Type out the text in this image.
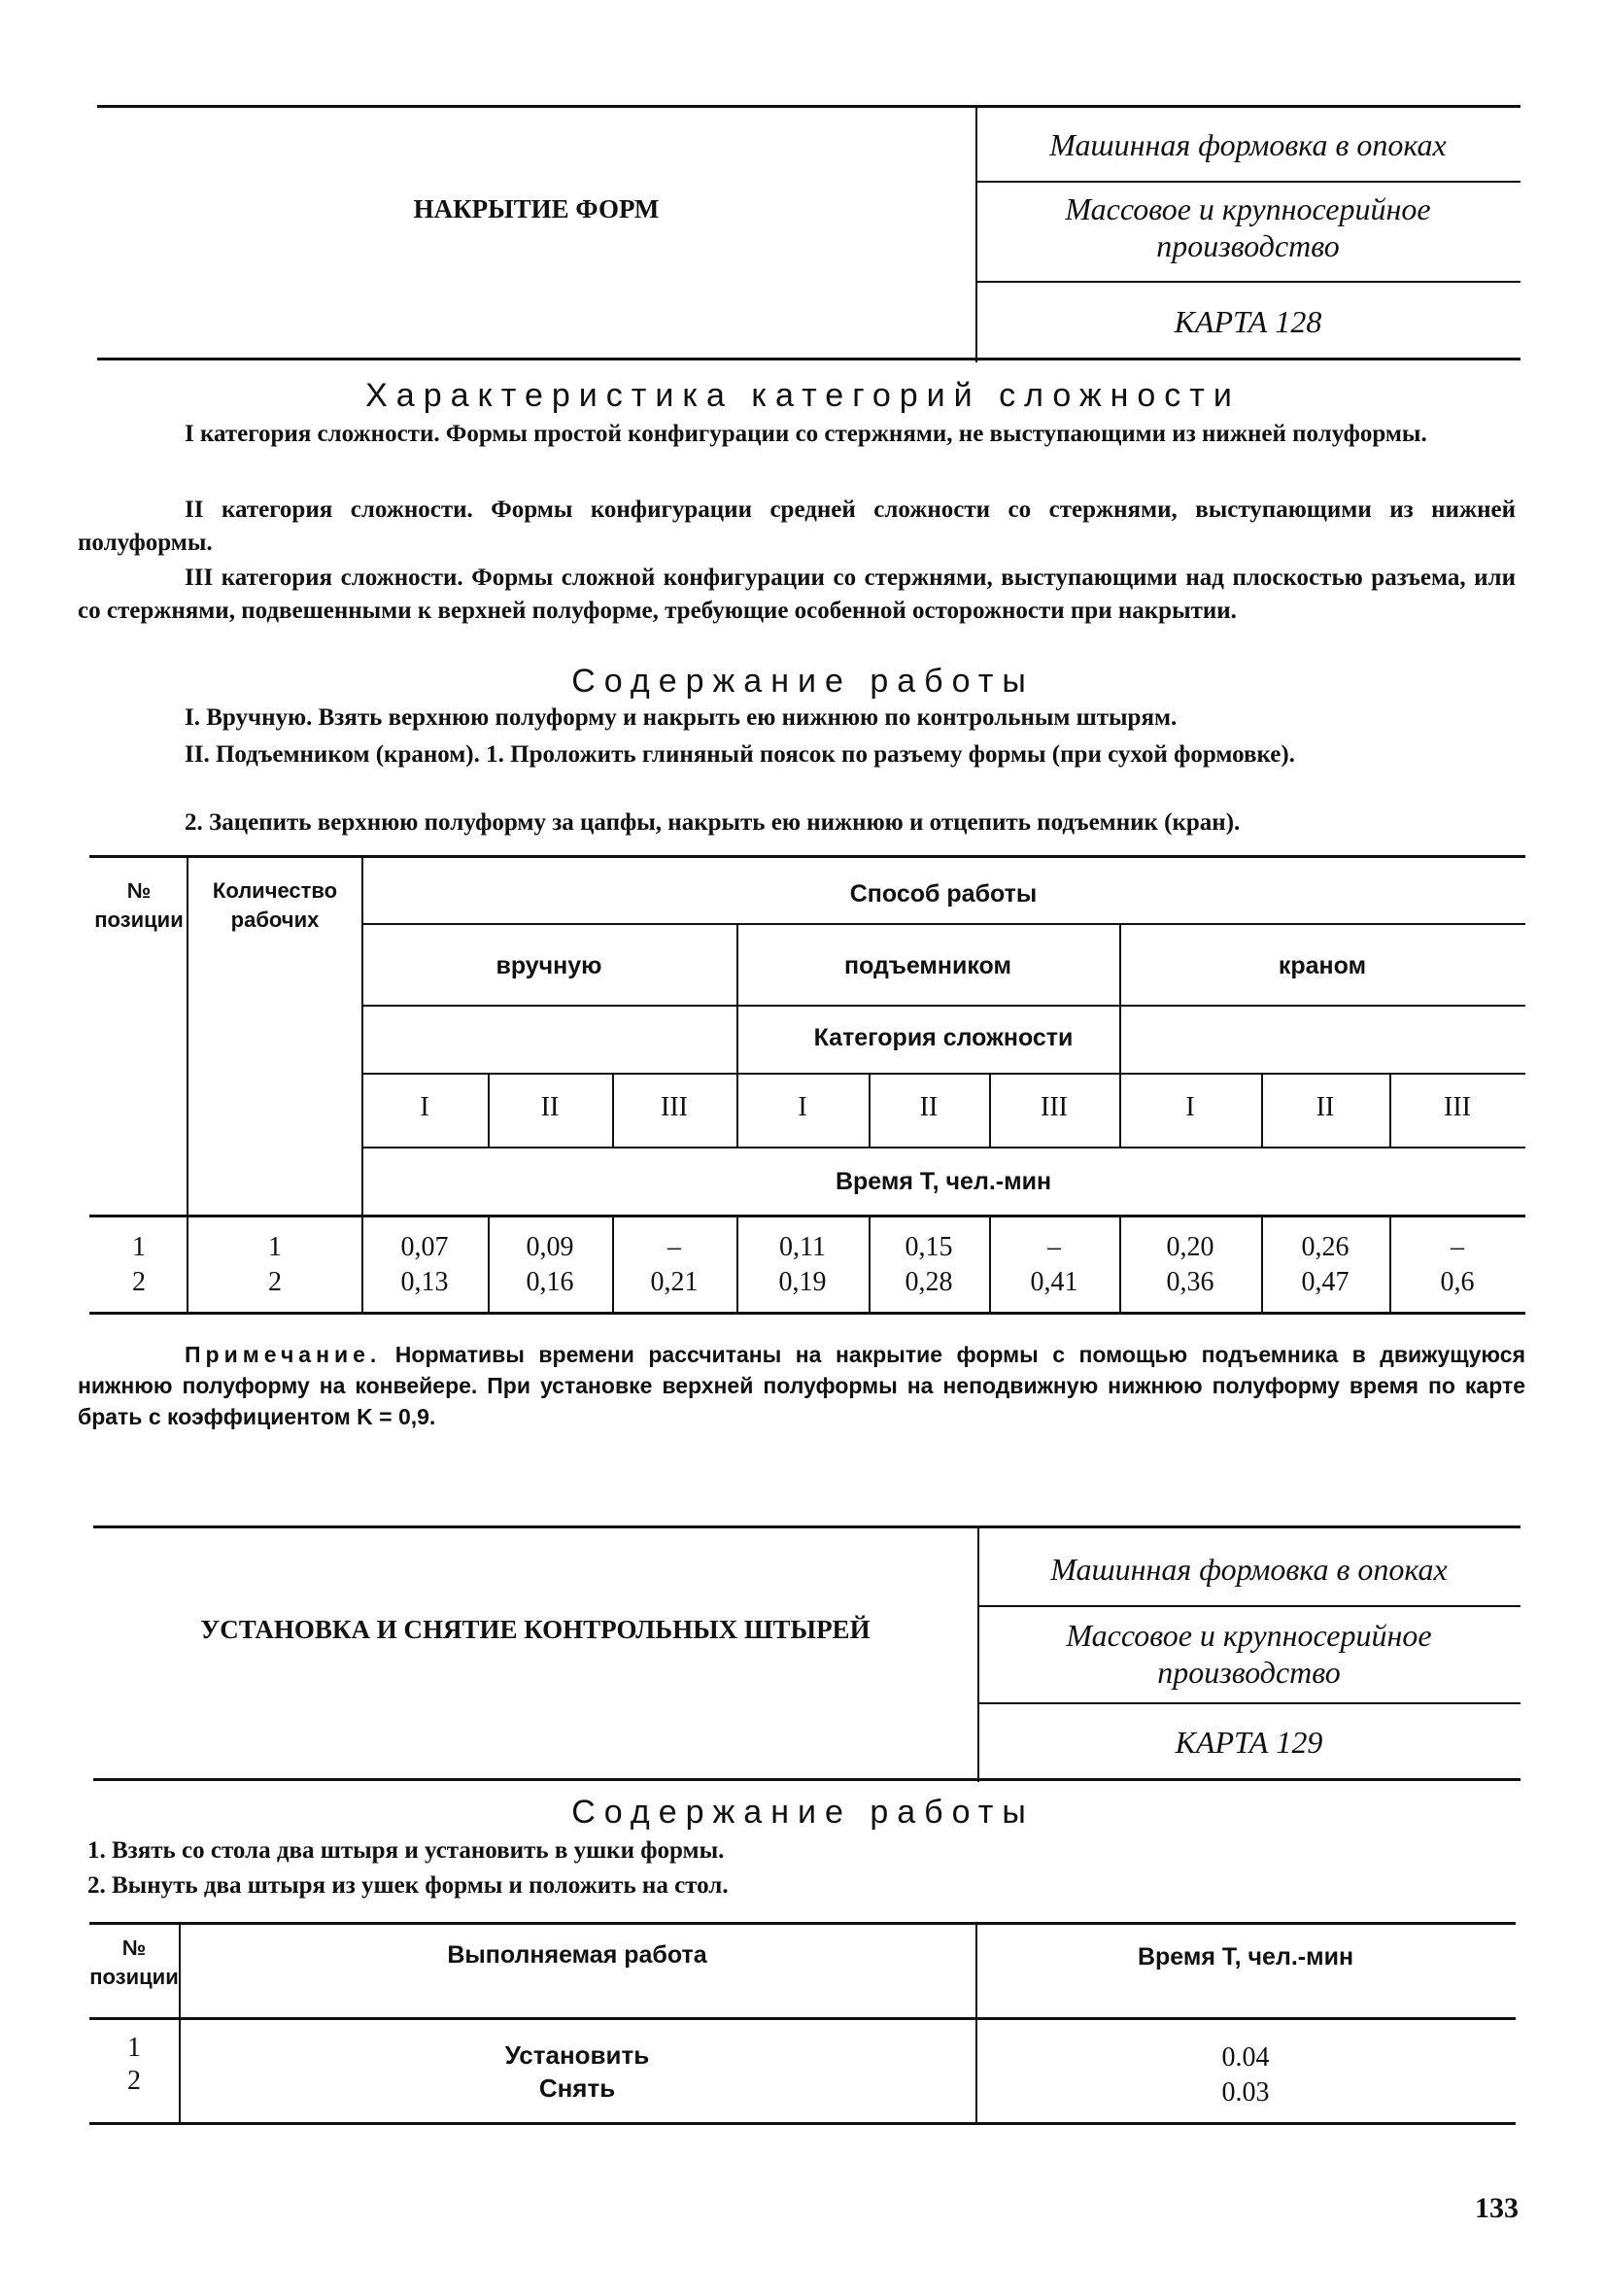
НАКРЫТИЕ ФОРМ
Машинная формовка в опоках
Массовое и крупносерийное производство
КАРТА 128
Характеристика категорий сложности
I категория сложности. Формы простой конфигурации со стержнями, не выступающими из нижней полуформы.
II категория сложности. Формы конфигурации средней сложности со стержнями, выступающими из нижней полуформы.
III категория сложности. Формы сложной конфигурации со стержнями, выступающими над плоскостью разъема, или со стержнями, подвешенными к верхней полуформе, требующие особенной осторожности при накрытии.
Содержание работы
I. Вручную. Взять верхнюю полуформу и накрыть ею нижнюю по контрольным штырям.
II. Подъемником (краном). 1. Проложить глиняный поясок по разъему формы (при сухой формовке).
2. Зацепить верхнюю полуформу за цапфы, накрыть ею нижнюю и отцепить подъемник (кран).
№ позиции
Количество рабочих
Способ работы
вручную	подъемником	краном
Категория сложности
I	II	III	I	II	III	I	II	III
Время Т, чел.-мин
1	1	0,07	0,09	–	0,11	0,15	–	0,20	0,26	–
2	2	0,13	0,16	0,21	0,19	0,28	0,41	0,36	0,47	0,6
Примечание. Нормативы времени рассчитаны на накрытие формы с помощью подъемника в движущуюся нижнюю полуформу на конвейере. При установке верхней полуформы на неподвижную нижнюю полуформу время по карте брать с коэффициентом K = 0,9.
УСТАНОВКА И СНЯТИЕ КОНТРОЛЬНЫХ ШТЫРЕЙ
Машинная формовка в опоках
Массовое и крупносерийное производство
КАРТА 129
Содержание работы
1. Взять со стола два штыря и установить в ушки формы.
2. Вынуть два штыря из ушек формы и положить на стол.
№ позиции
Выполняемая работа	Время Т, чел.-мин
1	Установить	0.04
2	Снять	0.03
133
